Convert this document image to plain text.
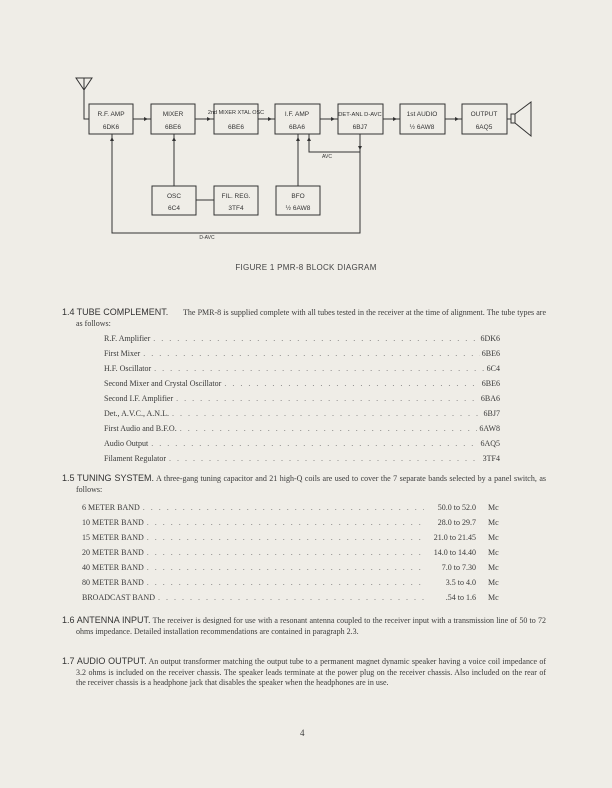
R.F. AMP
6DK6
MIXER
6BE6
2nd MIXER XTAL OSC
6BE6
I.F. AMP
6BA6
DET-ANL D-AVC
6BJ7
1st AUDIO
½ 6AW8
OUTPUT
6AQ5
OSC
6C4
FIL. REG.
3TF4
BFO
½ 6AW8
AVC
D-AVC
FIGURE 1 PMR-8 BLOCK DIAGRAM
1.4 TUBE COMPLEMENT. The PMR-8 is supplied complete with all tubes tested in the receiver at the time of alignment. The tube types are as follows:
R.F. Amplifier . . .	6DK6
First Mixer . . .	6BE6
H.F. Oscillator . . .	6C4
Second Mixer and Crystal Oscillator . . .	6BE6
Second I.F. Amplifier . . .	6BA6
Det., A.V.C., A.N.L. . . .	6BJ7
First Audio and B.F.O. . . .	6AW8
Audio Output . . .	6AQ5
Filament Regulator . . .	3TF4
1.5 TUNING SYSTEM. A three-gang tuning capacitor and 21 high-Q coils are used to cover the 7 separate bands selected by a panel switch, as follows:
6 METER BAND . . .	50.0 to 52.0	Mc
10 METER BAND . . .	28.0 to 29.7	Mc
15 METER BAND . . .	21.0 to 21.45	Mc
20 METER BAND . . .	14.0 to 14.40	Mc
40 METER BAND . . .	7.0 to 7.30	Mc
80 METER BAND . . .	3.5 to 4.0	Mc
BROADCAST BAND . . .	.54 to 1.6	Mc
1.6 ANTENNA INPUT. The receiver is designed for use with a resonant antenna coupled to the receiver input with a transmission line of 50 to 72 ohms impedance. Detailed installation recommendations are contained in paragraph 2.3.
1.7 AUDIO OUTPUT. An output transformer matching the output tube to a permanent magnet dynamic speaker having a voice coil impedance of 3.2 ohms is included on the receiver chassis. The speaker leads terminate at the power plug on the receiver chassis. Also included on the rear of the receiver chassis is a headphone jack that disables the speaker when the headphones are in use.
4
